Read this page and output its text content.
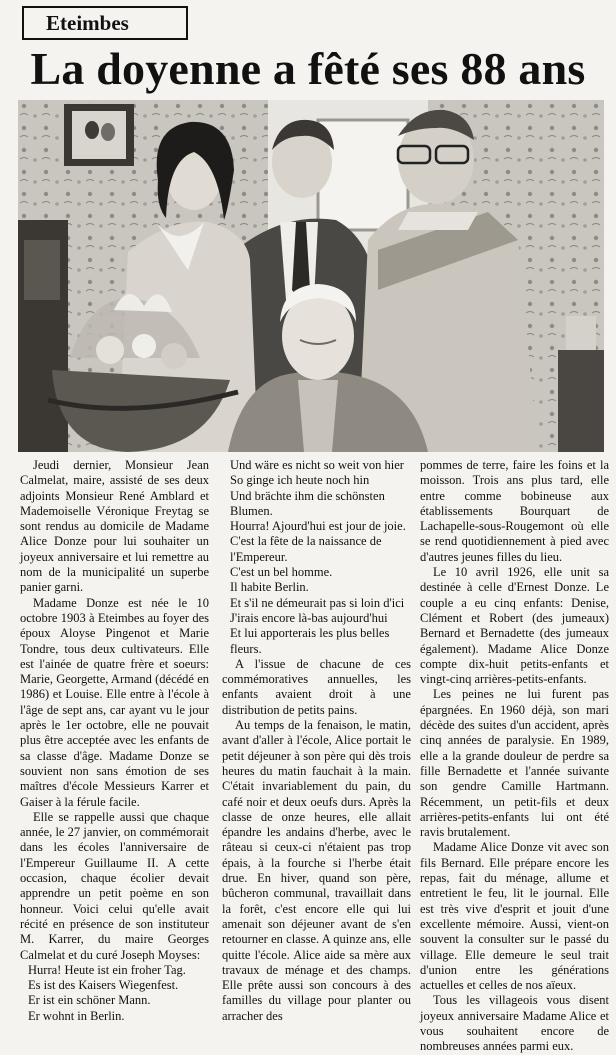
Eteimbes
La doyenne a fêté ses 88 ans

Jeudi dernier, Monsieur Jean Calmelat, maire, assisté de ses deux adjoints Monsieur René Amblard et Mademoiselle Véronique Freytag se sont rendus au domicile de Madame Alice Donze pour lui souhaiter un joyeux anniversaire et lui remettre au nom de la municipalité un superbe panier garni.

Madame Donze est née le 10 octobre 1903 à Eteimbes au foyer des époux Aloyse Pingenot et Marie Tondre, tous deux cultivateurs. Elle est l'ainée de quatre frère et soeurs: Marie, Georgette, Armand (décédé en 1986) et Louise. Elle entre à l'école à l'âge de sept ans, car ayant vu le jour après le 1er octobre, elle ne pouvait plus être acceptée avec les enfants de sa classe d'âge. Madame Donze se souvient non sans émotion de ses maîtres d'école Messieurs Karrer et Gaiser à la férule facile.

Elle se rappelle aussi que chaque année, le 27 janvier, on commémorait dans les écoles l'anniversaire de l'Empereur Guillaume II. A cette occasion, chaque écolier devait apprendre un petit poème en son honneur. Voici celui qu'elle avait récité en présence de son instituteur M. Karrer, du maire Georges Calmelat et du curé Joseph Moyses:

Hurra! Heute ist ein froher Tag.

Es ist des Kaisers Wiegenfest.

Er ist ein schöner Mann.

Er wohnt in Berlin.

Und wäre es nicht so weit von hier

So ginge ich heute noch hin

Und brächte ihm die schönsten Blumen.

Hourra! Ajourd'hui est jour de joie.

C'est la fête de la naissance de l'Empereur.

C'est un bel homme.

Il habite Berlin.

Et s'il ne démeurait pas si loin d'ici

J'irais encore là-bas aujourd'hui

Et lui apporterais les plus belles fleurs.

A l'issue de chacune de ces commémoratives annuelles, les enfants avaient droit à une distribution de petits pains.

Au temps de la fenaison, le matin, avant d'aller à l'école, Alice portait le petit déjeuner à son père qui dès trois heures du matin fauchait à la main. C'était invariablement du pain, du café noir et deux oeufs durs. Après la classe de onze heures, elle allait épandre les andains d'herbe, avec le râteau si ceux-ci n'étaient pas trop épais, à la fourche si l'herbe était drue. En hiver, quand son père, bûcheron communal, travaillait dans la forêt, c'est encore elle qui lui amenait son déjeuner avant de s'en retourner en classe. A quinze ans, elle quitte l'école. Alice aide sa mère aux travaux de ménage et des champs. Elle prête aussi son concours à des familles du village pour planter ou arracher des

pommes de terre, faire les foins et la moisson. Trois ans plus tard, elle entre comme bobineuse aux établissements Bourquart de Lachapelle-sous-Rougemont où elle se rend quotidiennement à pied avec d'autres jeunes filles du lieu.

Le 10 avril 1926, elle unit sa destinée à celle d'Ernest Donze. Le couple a eu cinq enfants: Denise, Clément et Robert (des jumeaux) Bernard et Bernadette (des jumeaux également). Madame Alice Donze compte dix-huit petits-enfants et vingt-cinq arrières-petits-enfants.

Les peines ne lui furent pas épargnées. En 1960 déjà, son mari décède des suites d'un accident, après cinq années de paralysie. En 1989, elle a la grande douleur de perdre sa fille Bernadette et l'année suivante son gendre Camille Hartmann. Récemment, un petit-fils et deux arrières-petits-enfants lui ont été ravis brutalement.

Madame Alice Donze vit avec son fils Bernard. Elle prépare encore les repas, fait du ménage, allume et entretient le feu, lit le journal. Elle est très vive d'esprit et jouit d'une excellente mémoire. Aussi, vient-on souvent la consulter sur le passé du village. Elle demeure le seul trait d'union entre les générations actuelles et celles de nos aïeux.

Tous les villageois vous disent joyeux anniversaire Madame Alice et vous souhaitent encore de nombreuses années parmi eux.
